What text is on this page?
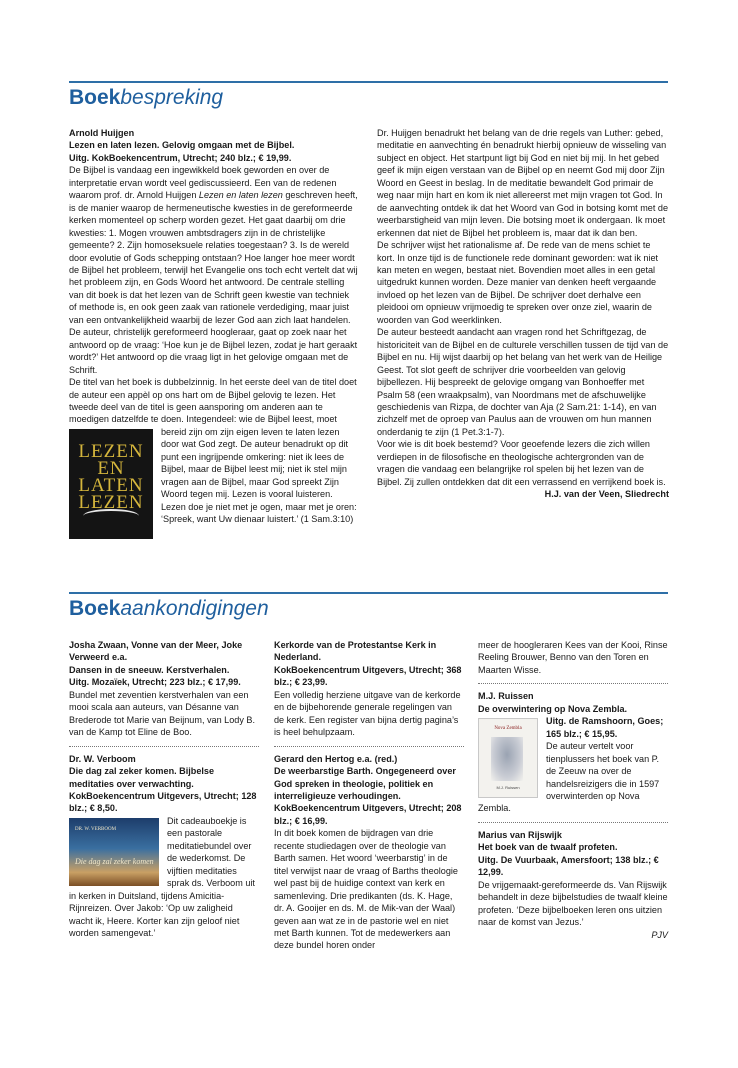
Boekbespreking

Arnold Huijgen

Lezen en laten lezen. Gelovig omgaan met de Bijbel.

Uitg. KokBoekencentrum, Utrecht; 240 blz.; € 19,99.

De Bijbel is vandaag een ingewikkeld boek geworden en over de interpretatie ervan wordt veel gediscussieerd. Een van de redenen waarom prof. dr. Arnold Huijgen Lezen en laten lezen geschreven heeft, is de manier waarop de hermeneutische kwesties in de gereformeerde kerken momenteel op scherp worden gezet. Het gaat daarbij om drie kwesties: 1. Mogen vrouwen ambtsdragers zijn in de christelijke gemeente? 2. Zijn homoseksuele relaties toegestaan? 3. Is de wereld door evolutie of Gods schepping ontstaan? Hoe langer hoe meer wordt de Bijbel het probleem, terwijl het Evangelie ons toch echt vertelt dat wij het probleem zijn, en Gods Woord het antwoord. De centrale stelling van dit boek is dat het lezen van de Schrift geen kwestie van techniek of methode is, en ook geen zaak van rationele verdediging, maar juist van een ontvankelijkheid waarbij de lezer God aan zich laat handelen.

De auteur, christelijk gereformeerd hoogleraar, gaat op zoek naar het antwoord op de vraag: ‘Hoe kun je de Bijbel lezen, zodat je hart geraakt wordt?’ Het antwoord op die vraag ligt in het gelovige omgaan met de Schrift.

De titel van het boek is dubbelzinnig. In het eerste deel van de titel doet de auteur een appèl op ons hart om de Bijbel gelovig te lezen. Het tweede deel van de titel is geen aansporing om anderen aan te moedigen datzelfde te doen. Integendeel: wie de Bijbel leest, moet
LEZEN
EN
LATEN
LEZEN
bereid zijn om zijn eigen leven te laten lezen door wat God zegt. De auteur benadrukt op dit punt een ingrijpende omkering: niet ik lees de Bijbel, maar de Bijbel leest mij; niet ik stel mijn vragen aan de Bijbel, maar God spreekt Zijn Woord tegen mij. Lezen is vooral luisteren. Lezen doe je niet met je ogen, maar met je oren: ‘Spreek, want Uw dienaar luistert.’ (1 Sam.3:10)

Dr. Huijgen benadrukt het belang van de drie regels van Luther: gebed, meditatie en aanvechting én benadrukt hierbij opnieuw de wisseling van subject en object. Het startpunt ligt bij God en niet bij mij. In het gebed geef ik mijn eigen verstaan van de Bijbel op en neemt God mij door Zijn Woord en Geest in beslag. In de meditatie bewandelt God primair de weg naar mijn hart en kom ik niet allereerst met mijn vragen tot God. In de aanvechting ontdek ik dat het Woord van God in botsing komt met de weerbarstigheid van mijn leven. Die botsing moet ik ondergaan. Ik moet erkennen dat niet de Bijbel het probleem is, maar dat ik dan ben.

De schrijver wijst het rationalisme af. De rede van de mens schiet te kort. In onze tijd is de functionele rede dominant geworden: wat ik niet kan meten en wegen, bestaat niet. Bovendien moet alles in een getal uitgedrukt kunnen worden. Deze manier van denken heeft vergaande invloed op het lezen van de Bijbel. De schrijver doet derhalve een pleidooi om opnieuw vrijmoedig te spreken over onze ziel, waarin de woorden van God weerklinken.

De auteur besteedt aandacht aan vragen rond het Schriftgezag, de historiciteit van de Bijbel en de culturele verschillen tussen de tijd van de Bijbel en nu. Hij wijst daarbij op het belang van het werk van de Heilige Geest. Tot slot geeft de schrijver drie voorbeelden van gelovig bijbellezen. Hij bespreekt de gelovige omgang van Bonhoeffer met Psalm 58 (een wraakpsalm), van Noordmans met de afschuwelijke geschiedenis van Rizpa, de dochter van Aja (2 Sam.21: 1-14), en van zichzelf met de oproep van Paulus aan de vrouwen om hun mannen onderdanig te zijn (1 Pet.3:1-7).

Voor wie is dit boek bestemd? Voor geoefende lezers die zich willen verdiepen in de filosofische en theologische achtergronden van de vragen die vandaag een belangrijke rol spelen bij het lezen van de Bijbel. Zij zullen ontdekken dat dit een verrassend en verrijkend boek is.

H.J. van der Veen, Sliedrecht

Boekaankondigingen

Josha Zwaan, Vonne van der Meer, Joke Verweerd e.a.

Dansen in de sneeuw. Kerstverhalen.

Uitg. Mozaïek, Utrecht; 223 blz.; € 17,99.

Bundel met zeventien kerstverhalen van een mooi scala aan auteurs, van Désanne van Brederode tot Marie van Beijnum, van Lody B. van de Kamp tot Eline de Boo.

Dr. W. Verboom

Die dag zal zeker komen. Bijbelse meditaties over verwachting.

KokBoekencentrum Uitgevers, Utrecht; 128 blz.; € 8,50.

DR. W. VERBOOM
Die dag zal zeker komen
Dit cadeauboekje is een pastorale meditatiebundel over de wederkomst. De vijftien meditaties sprak ds. Verboom uit in kerken in Duitsland, tijdens Amicitia-Rijnreizen. Over Jakob: ‘Op uw zaligheid wacht ik, Heere. Korter kan zijn geloof niet worden samengevat.’

Kerkorde van de Protestantse Kerk in Nederland.

KokBoekencentrum Uitgevers, Utrecht; 368 blz.; € 23,99.

Een volledig herziene uitgave van de kerkorde en de bijbehorende generale regelingen van de kerk. Een register van bijna dertig pagina’s is heel behulpzaam.

Gerard den Hertog e.a. (red.)

De weerbarstige Barth. Ongegeneerd over God spreken in theologie, politiek en interreligieuze verhoudingen.

KokBoekencentrum Uitgevers, Utrecht; 208 blz.; € 16,99.

In dit boek komen de bijdragen van drie recente studiedagen over de theologie van Barth samen. Het woord ‘weerbarstig’ in de titel verwijst naar de vraag of Barths theologie wel past bij de huidige context van kerk en samenleving. Drie predikanten (ds. K. Hage, dr. A. Gooijer en ds. M. de Mik-van der Waal) geven aan wat ze in de pastorie wel en niet met Barth kunnen. Tot de medewerkers aan deze bundel horen onder

meer de hoogleraren Kees van der Kooi, Rinse Reeling Brouwer, Benno van den Toren en Maarten Wisse.

M.J. Ruissen

De overwintering op Nova Zembla.

Nova Zembla
M.J. Ruissen

Uitg. de Ramshoorn, Goes; 165 blz.; € 15,95.

De auteur vertelt voor tienplussers het boek van P. de Zeeuw na over de handelsreizigers die in 1597 overwinterden op Nova Zembla.

Marius van Rijswijk

Het boek van de twaalf profeten.

Uitg. De Vuurbaak, Amersfoort; 138 blz.; € 12,99.

De vrijgemaakt-gereformeerde ds. Van Rijswijk behandelt in deze bijbelstudies de twaalf kleine profeten. ‘Deze bijbelboeken leren ons uitzien naar de komst van Jezus.’

PJV
